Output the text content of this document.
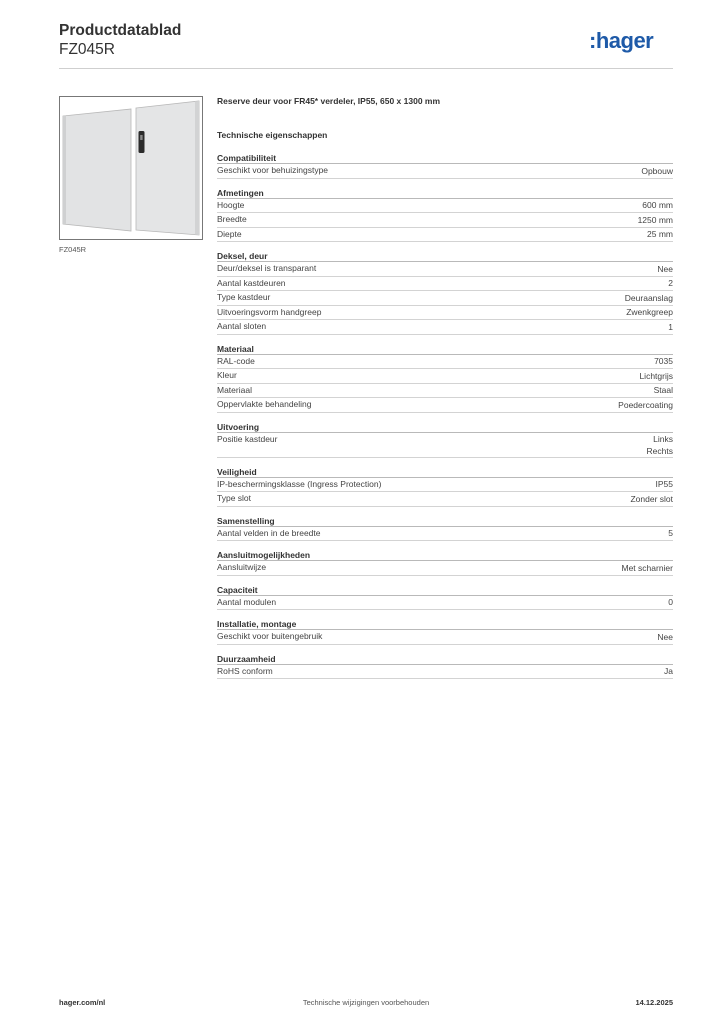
Productdatablad
FZ045R	:hager
FZ045R
Reserve deur voor FR45* verdeler, IP55, 650 x 1300 mm
Technische eigenschappen
Compatibiliteit
Geschikt voor behuizingstype	Opbouw
Afmetingen
Hoogte	600 mm
Breedte	1250 mm
Diepte	25 mm
Deksel, deur
Deur/deksel is transparant	Nee
Aantal kastdeuren	2
Type kastdeur	Deuraanslag
Uitvoeringsvorm handgreep	Zwenkgreep
Aantal sloten	1
Materiaal
RAL-code	7035
Kleur	Lichtgrijs
Materiaal	Staal
Oppervlakte behandeling	Poedercoating
Uitvoering
Positie kastdeur	Links
Rechts
Veiligheid
IP-beschermingsklasse (Ingress Protection)	IP55
Type slot	Zonder slot
Samenstelling
Aantal velden in de breedte	5
Aansluitmogelijkheden
Aansluitwijze	Met scharnier
Capaciteit
Aantal modulen	0
Installatie, montage
Geschikt voor buitengebruik	Nee
Duurzaamheid
RoHS conform	Ja
hager.com/nl	Technische wijzigingen voorbehouden	14.12.2025
